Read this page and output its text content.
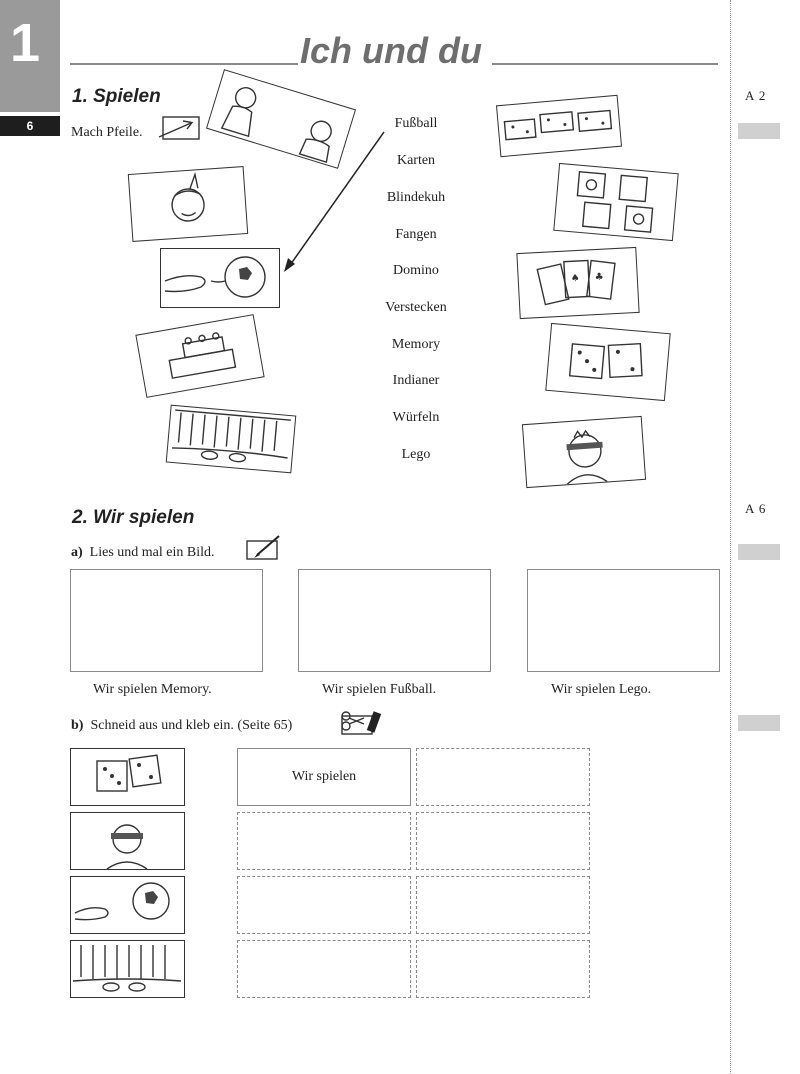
1
6
Ich und du
A 2
A 6
1. Spielen
Mach Pfeile.
Fußball
Karten
Blindekuh
Fangen
Domino
Verstecken
Memory
Indianer
Würfeln
Lego
♠ ♣
2. Wir spielen
a) Lies und mal ein Bild.
Wir spielen Memory.	Wir spielen Fußball.	Wir spielen Lego.
b) Schneid aus und kleb ein. (Seite 65)
Wir spielen
